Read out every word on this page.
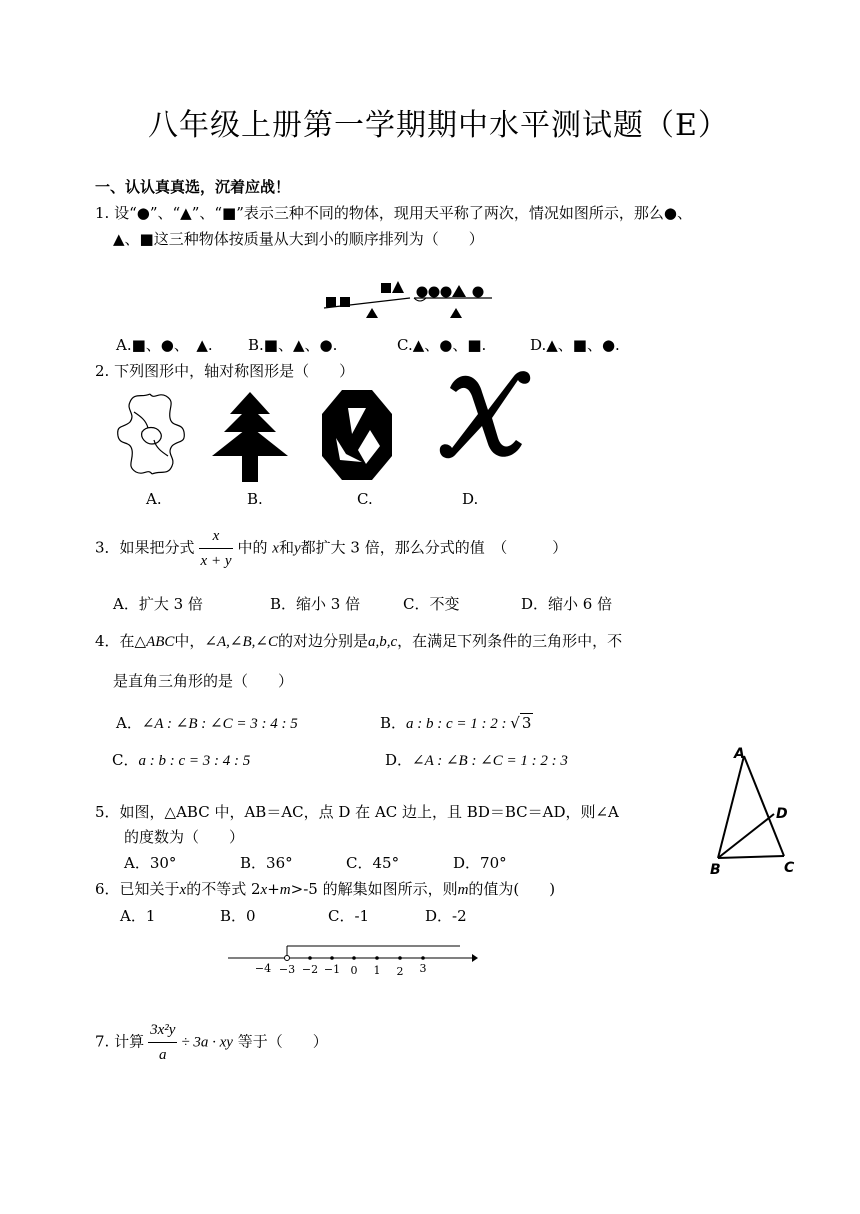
八年级上册第一学期期中水平测试题（E）
一、认认真真选，沉着应战！
1. 设“●”、“▲”、“■”表示三种不同的物体，现用天平称了两次，情况如图所示，那么●、
▲、■这三种物体按质量从大到小的顺序排列为（　　）
A.■、●、　▲. B.■、▲、●.	C.▲、●、■.	D.▲、■、●.
2. 下列图形中，轴对称图形是（　　）
A.	B.	C.	D.
3．如果把分式 $\frac{x}{x + y}$ 中的 x和y都扩大 3 倍，那么分式的值　（　　　）
A．扩大 3 倍	B．缩小 3 倍	C．不变	D．缩小 6 倍
4．在△ABC中，∠A,∠B,∠C的对边分别是a,b,c，在满足下列条件的三角形中，不
是直角三角形的是（　　）
A．∠A : ∠B : ∠C = 3 : 4 : 5	B．a : b : c = 1 : 2 : √ 3
C．a : b : c = 3 : 4 : 5	D．∠A : ∠B : ∠C = 1 : 2 : 3	A
D
B	C
5．如图，△ABC 中，AB＝AC，点 D 在 AC 边上，且 BD＝BC＝AD，则∠A
的度数为（　　）
A．30°	B．36°	C．45°	D．70°
6．已知关于x的不等式 2x+m>-5 的解集如图所示，则m的值为(　　)
A．1	B．0	C．-1	D．-2
−4 −3 −2 −1 0 1 2 3
7. 计算 $\frac{\text{3x²y}}{a} \div 3a$ · xy 等于（　　）
